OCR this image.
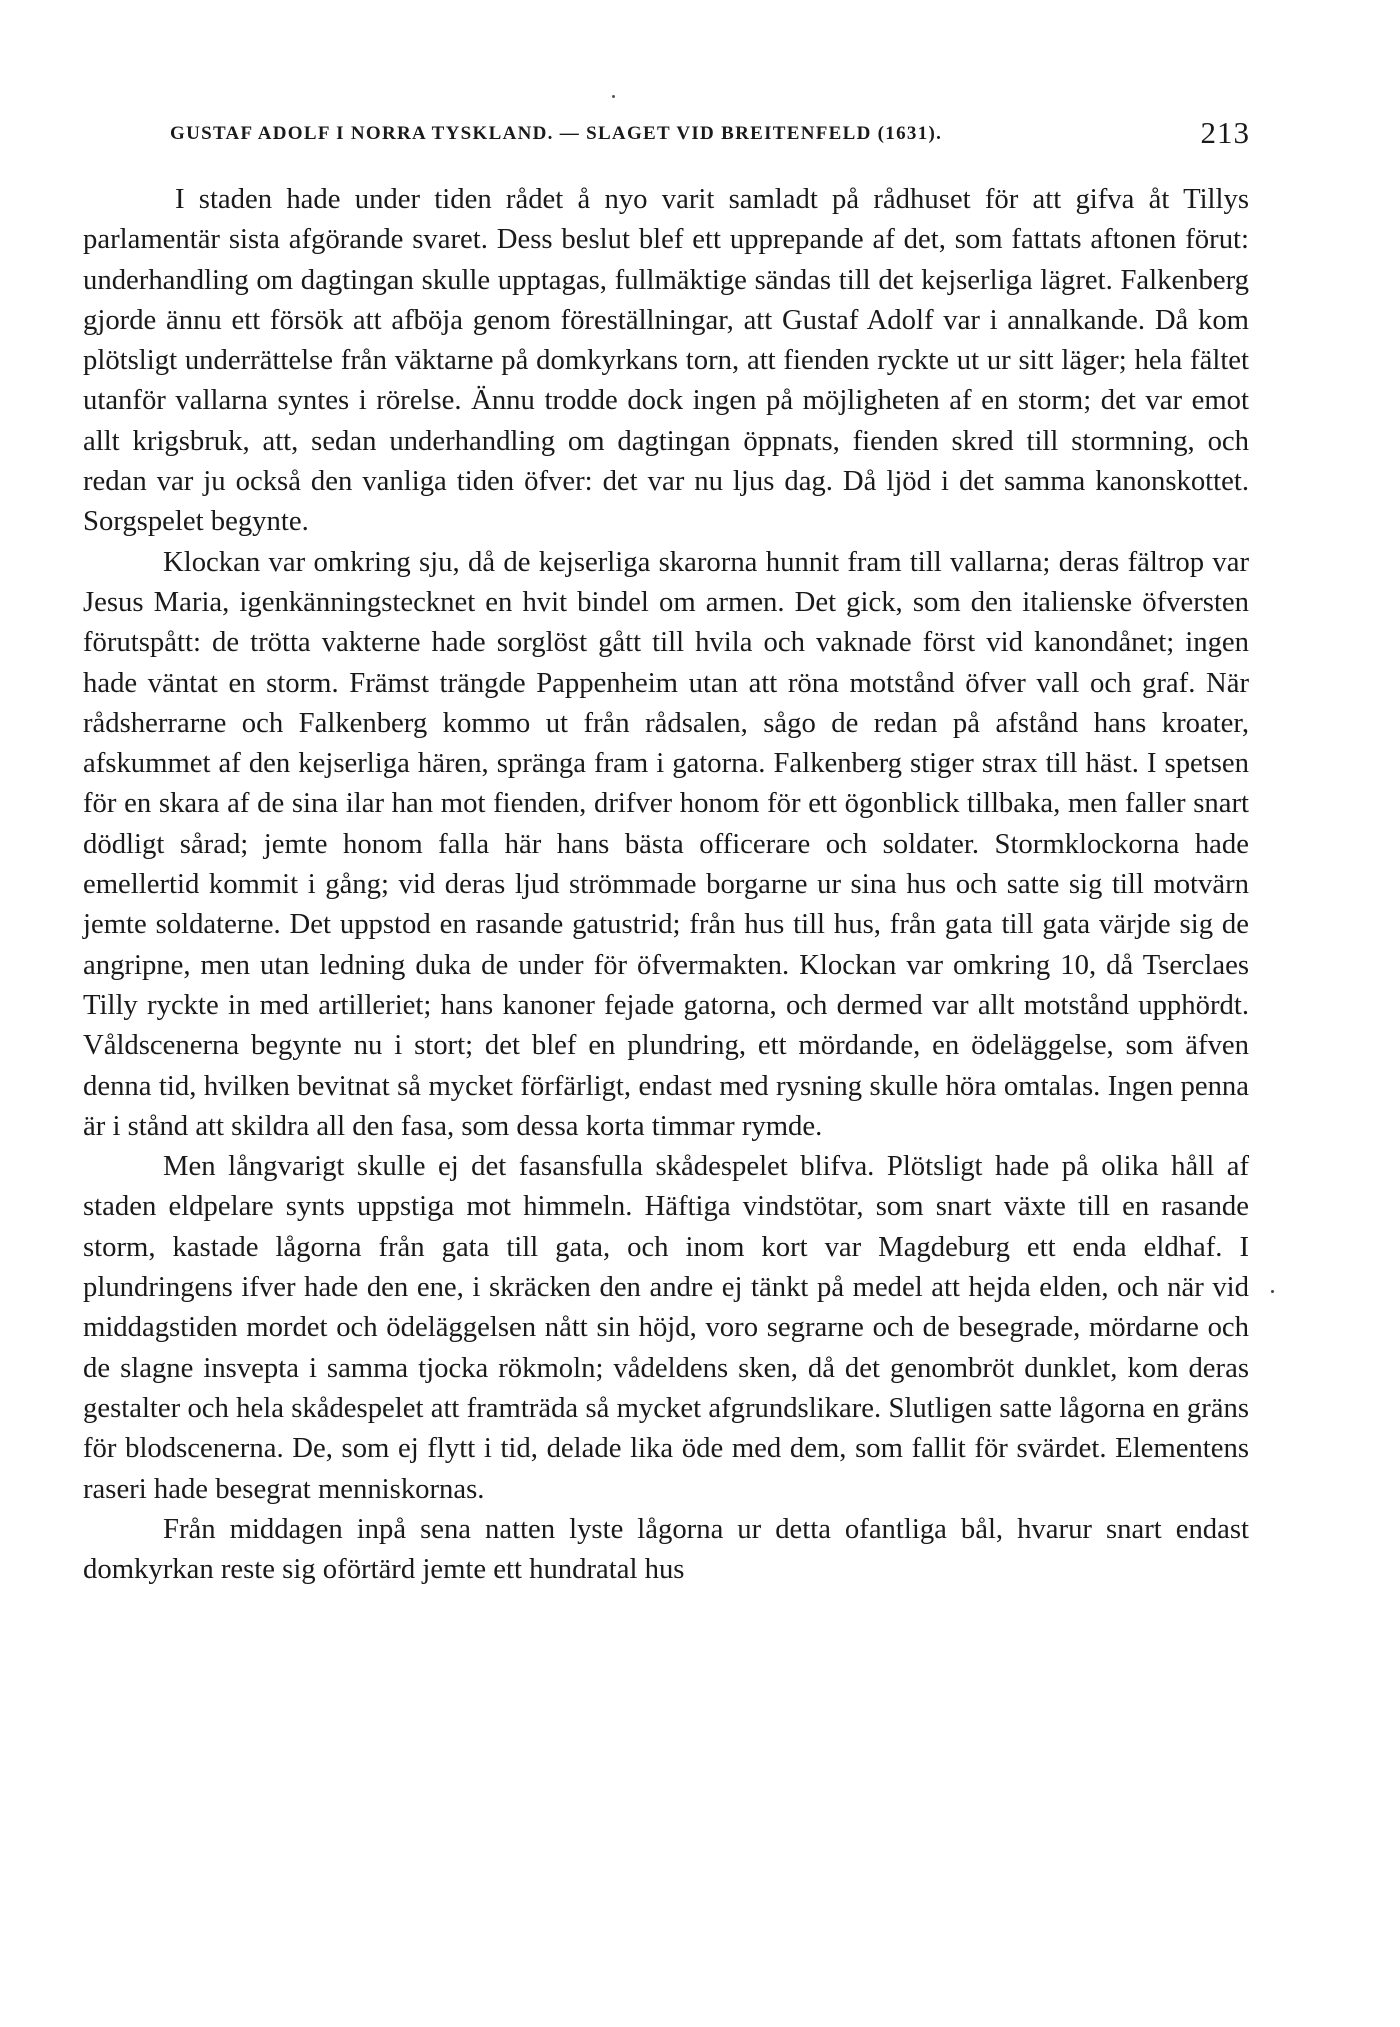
GUSTAF ADOLF I NORRA TYSKLAND. — SLAGET VID BREITENFELD (1631).	213

I staden hade under tiden rådet å nyo varit samladt på rådhuset för att gifva åt Tillys parlamentär sista afgörande svaret. Dess beslut blef ett upprepande af det, som fattats aftonen förut: underhandling om dagtingan skulle upptagas, fullmäktige sändas till det kejserliga lägret. Falkenberg gjorde ännu ett försök att afböja genom föreställningar, att Gustaf Adolf var i annalkande. Då kom plötsligt underrättelse från väktarne på domkyrkans torn, att fienden ryckte ut ur sitt läger; hela fältet utanför vallarna syntes i rörelse. Ännu trodde dock ingen på möjligheten af en storm; det var emot allt krigsbruk, att, sedan underhandling om dagtingan öppnats, fienden skred till stormning, och redan var ju också den vanliga tiden öfver: det var nu ljus dag. Då ljöd i det samma kanonskottet. Sorgspelet begynte.

Klockan var omkring sju, då de kejserliga skarorna hunnit fram till vallarna; deras fältrop var Jesus Maria, igenkänningstecknet en hvit bindel om armen. Det gick, som den italienske öfversten förutspått: de trötta vakterne hade sorglöst gått till hvila och vaknade först vid kanondånet; ingen hade väntat en storm. Främst trängde Pappenheim utan att röna motstånd öfver vall och graf. När rådsherrarne och Falkenberg kommo ut från rådsalen, sågo de redan på afstånd hans kroater, afskummet af den kejserliga hären, spränga fram i gatorna. Falkenberg stiger strax till häst. I spetsen för en skara af de sina ilar han mot fienden, drifver honom för ett ögonblick tillbaka, men faller snart dödligt sårad; jemte honom falla här hans bästa officerare och soldater. Stormklockorna hade emellertid kommit i gång; vid deras ljud strömmade borgarne ur sina hus och satte sig till motvärn jemte soldaterne. Det uppstod en rasande gatustrid; från hus till hus, från gata till gata värjde sig de angripne, men utan ledning duka de under för öfvermakten. Klockan var omkring 10, då Tserclaes Tilly ryckte in med artilleriet; hans kanoner fejade gatorna, och dermed var allt motstånd upphördt. Våldscenerna begynte nu i stort; det blef en plundring, ett mördande, en ödeläggelse, som äfven denna tid, hvilken bevitnat så mycket förfärligt, endast med rysning skulle höra omtalas. Ingen penna är i stånd att skildra all den fasa, som dessa korta timmar rymde.

Men långvarigt skulle ej det fasansfulla skådespelet blifva. Plötsligt hade på olika håll af staden eldpelare synts uppstiga mot himmeln. Häftiga vindstötar, som snart växte till en rasande storm, kastade lågorna från gata till gata, och inom kort var Magdeburg ett enda eldhaf. I plundringens ifver hade den ene, i skräcken den andre ej tänkt på medel att hejda elden, och när vid middagstiden mordet och ödeläggelsen nått sin höjd, voro segrarne och de besegrade, mördarne och de slagne insvepta i samma tjocka rökmoln; vådeldens sken, då det genombröt dunklet, kom deras gestalter och hela skådespelet att framträda så mycket afgrundslikare. Slutligen satte lågorna en gräns för blodscenerna. De, som ej flytt i tid, delade lika öde med dem, som fallit för svärdet. Elementens raseri hade besegrat menniskornas.

Från middagen inpå sena natten lyste lågorna ur detta ofantliga bål, hvarur snart endast domkyrkan reste sig oförtärd jemte ett hundratal hus
